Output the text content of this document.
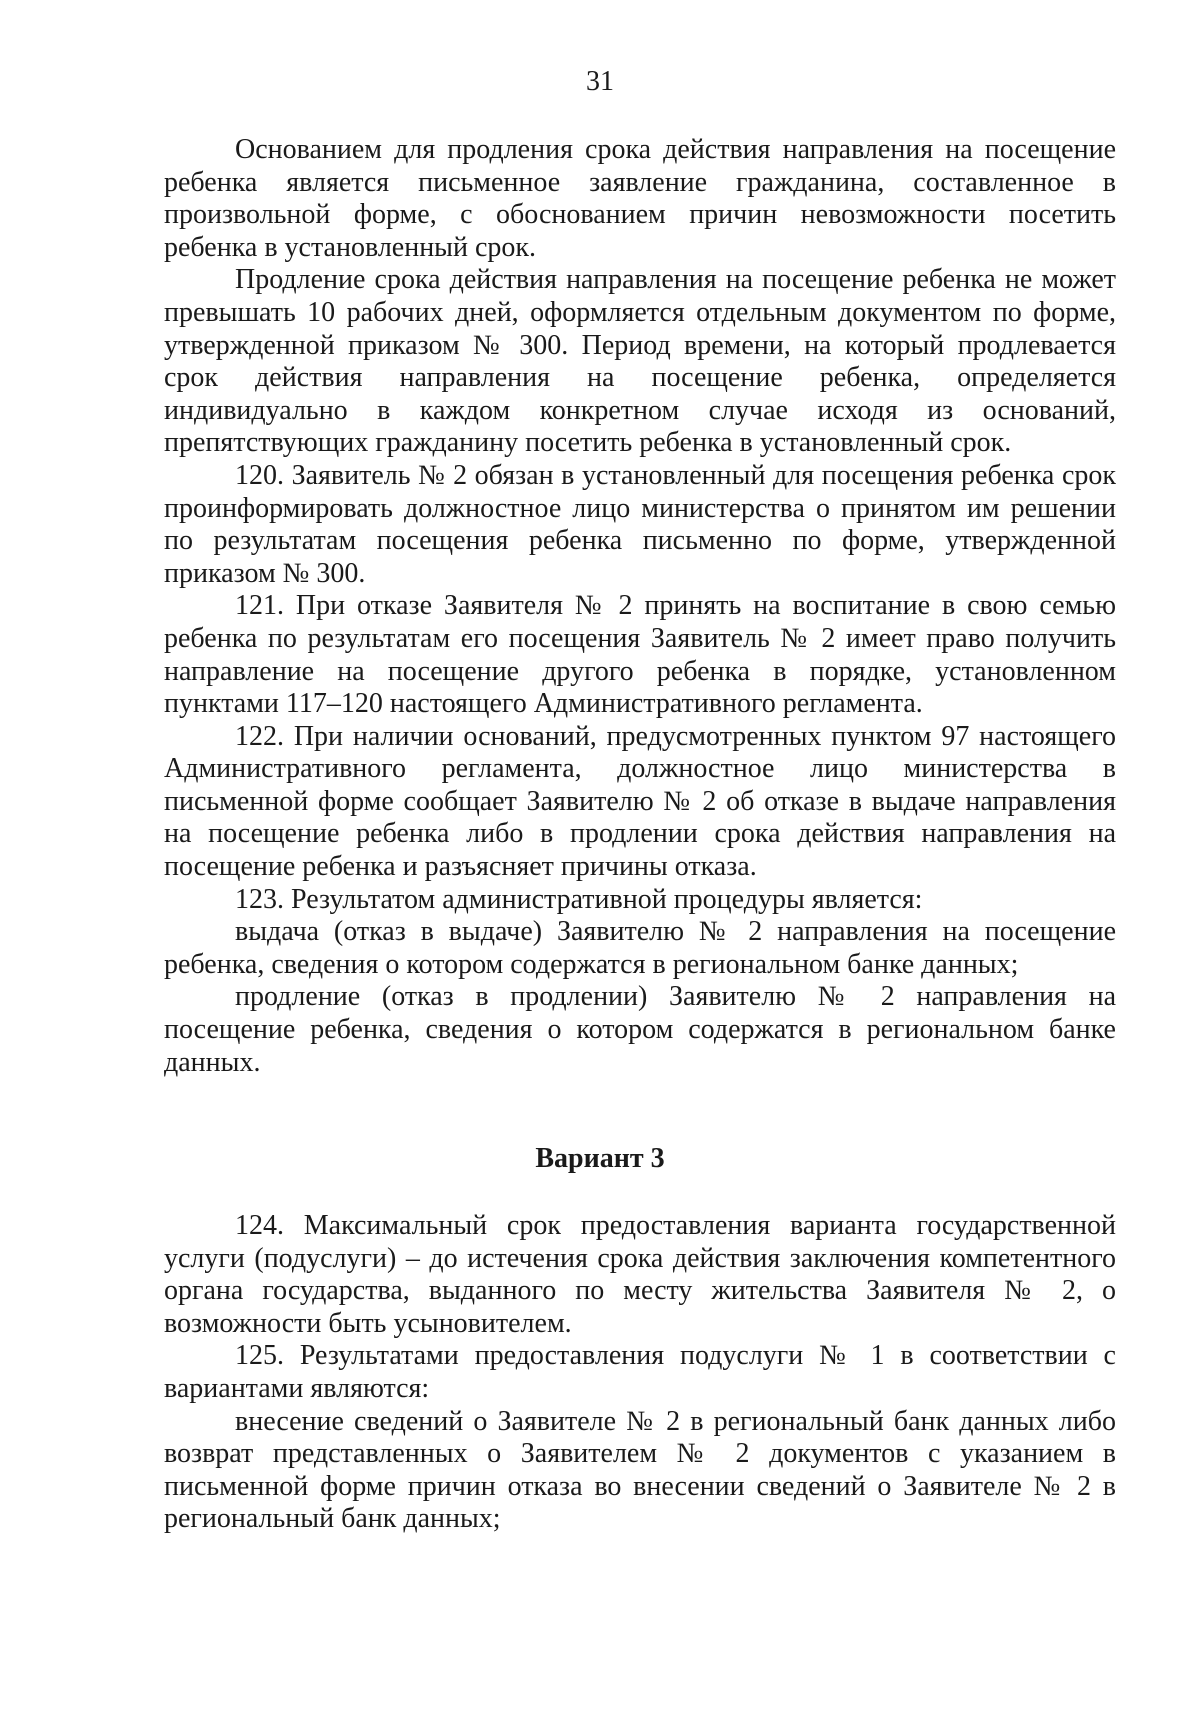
31

Основанием для продления срока действия направления на посещение ребенка является письменное заявление гражданина, составленное в произвольной форме, с обоснованием причин невозможности посетить ребенка в установленный срок.

Продление срока действия направления на посещение ребенка не может превышать 10 рабочих дней, оформляется отдельным документом по форме, утвержденной приказом № 300. Период времени, на который продлевается срок действия направления на посещение ребенка, определяется индивидуально в каждом конкретном случае исходя из оснований, препятствующих гражданину посетить ребенка в установленный срок.

120. Заявитель № 2 обязан в установленный для посещения ребенка срок проинформировать должностное лицо министерства о принятом им решении по результатам посещения ребенка письменно по форме, утвержденной приказом № 300.

121. При отказе Заявителя № 2 принять на воспитание в свою семью ребенка по результатам его посещения Заявитель № 2 имеет право получить направление на посещение другого ребенка в порядке, установленном пунктами 117–120 настоящего Административного регламента.

122. При наличии оснований, предусмотренных пунктом 97 настоящего Административного регламента, должностное лицо министерства в письменной форме сообщает Заявителю № 2 об отказе в выдаче направления на посещение ребенка либо в продлении срока действия направления на посещение ребенка и разъясняет причины отказа.

123. Результатом административной процедуры является:

выдача (отказ в выдаче) Заявителю № 2 направления на посещение ребенка, сведения о котором содержатся в региональном банке данных;

продление (отказ в продлении) Заявителю № 2 направления на посещение ребенка, сведения о котором содержатся в региональном банке данных.

Вариант 3

124. Максимальный срок предоставления варианта государственной услуги (подуслуги) – до истечения срока действия заключения компетентного органа государства, выданного по месту жительства Заявителя № 2, о возможности быть усыновителем.

125. Результатами предоставления подуслуги № 1 в соответствии с вариантами являются:

внесение сведений о Заявителе № 2 в региональный банк данных либо возврат представленных о Заявителем № 2 документов с указанием в письменной форме причин отказа во внесении сведений о Заявителе № 2 в региональный банк данных;
